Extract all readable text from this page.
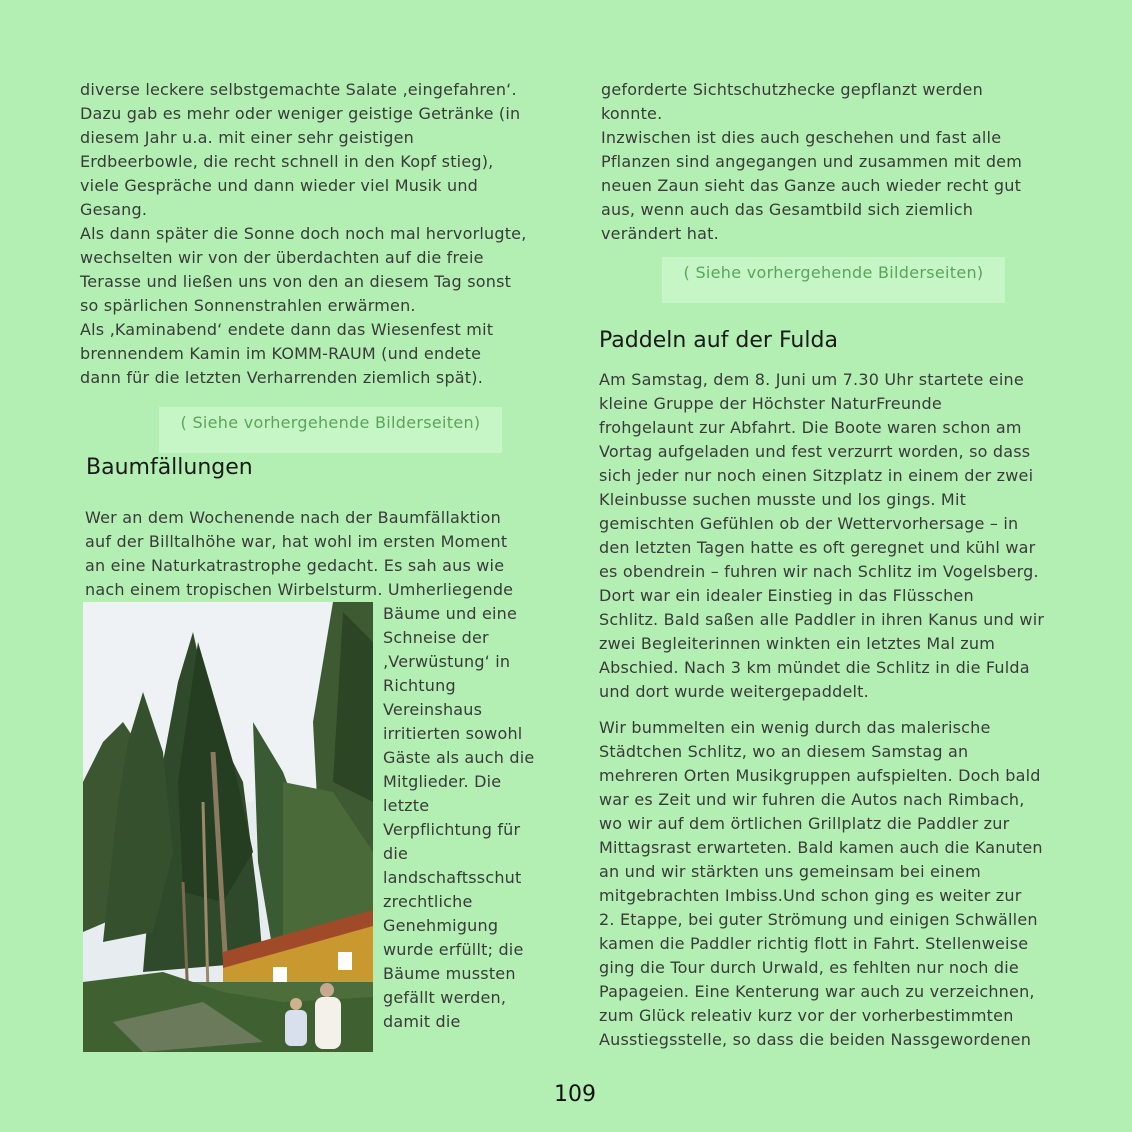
diverse leckere selbstgemachte Salate ‚eingefahren‘.
Dazu gab es mehr oder weniger geistige Getränke (in
diesem Jahr u.a. mit einer sehr geistigen
Erdbeerbowle, die recht schnell in den Kopf stieg),
viele Gespräche und dann wieder viel Musik und
Gesang.
Als dann später die Sonne doch noch mal hervorlugte,
wechselten wir von der überdachten auf die freie
Terasse und ließen uns von den an diesem Tag sonst
so spärlichen Sonnenstrahlen erwärmen.
Als ‚Kaminabend‘ endete dann das Wiesenfest mit
brennendem Kamin im KOMM-RAUM (und endete
dann für die letzten Verharrenden ziemlich spät).
( Siehe vorhergehende Bilderseiten)
Baumfällungen
Wer an dem Wochenende nach der Baumfällaktion
auf der Billtalhöhe war, hat wohl im ersten Moment
an eine Naturkatrastrophe gedacht. Es sah aus wie
nach einem tropischen Wirbelsturm. Umherliegende
Bäume und eine
Schneise der
‚Verwüstung‘ in
Richtung
Vereinshaus
irritierten sowohl
Gäste als auch die
Mitglieder. Die
letzte
Verpflichtung für
die
landschaftsschut
zrechtliche
Genehmigung
wurde erfüllt; die
Bäume mussten
gefällt werden,
damit die
geforderte Sichtschutzhecke gepflanzt werden
konnte.
Inzwischen ist dies auch geschehen und fast alle
Pflanzen sind angegangen und zusammen mit dem
neuen Zaun sieht das Ganze auch wieder recht gut
aus, wenn auch das Gesamtbild sich ziemlich
verändert hat.
( Siehe vorhergehende Bilderseiten)
Paddeln auf der Fulda
Am Samstag, dem 8. Juni um 7.30 Uhr startete eine
kleine Gruppe der Höchster NaturFreunde
frohgelaunt zur Abfahrt. Die Boote waren schon am
Vortag aufgeladen und fest verzurrt worden, so dass
sich jeder nur noch einen Sitzplatz in einem der zwei
Kleinbusse suchen musste und los gings. Mit
gemischten Gefühlen ob der Wettervorhersage – in
den letzten Tagen hatte es oft geregnet und kühl war
es obendrein – fuhren wir nach Schlitz im Vogelsberg.
Dort war ein idealer Einstieg in das Flüsschen
Schlitz. Bald saßen alle Paddler in ihren Kanus und wir
zwei Begleiterinnen winkten ein letztes Mal zum
Abschied. Nach 3 km mündet die Schlitz in die Fulda
und dort wurde weitergepaddelt.
Wir bummelten ein wenig durch das malerische
Städtchen Schlitz, wo an diesem Samstag an
mehreren Orten Musikgruppen aufspielten. Doch bald
war es Zeit und wir fuhren die Autos nach Rimbach,
wo wir auf dem örtlichen Grillplatz die Paddler zur
Mittagsrast erwarteten. Bald kamen auch die Kanuten
an und wir stärkten uns gemeinsam bei einem
mitgebrachten Imbiss.Und schon ging es weiter zur
2. Etappe, bei guter Strömung und einigen Schwällen
kamen die Paddler richtig flott in Fahrt. Stellenweise
ging die Tour durch Urwald, es fehlten nur noch die
Papageien. Eine Kenterung war auch zu verzeichnen,
zum Glück releativ kurz vor der vorherbestimmten
Ausstiegsstelle, so dass die beiden Nassgewordenen
109
